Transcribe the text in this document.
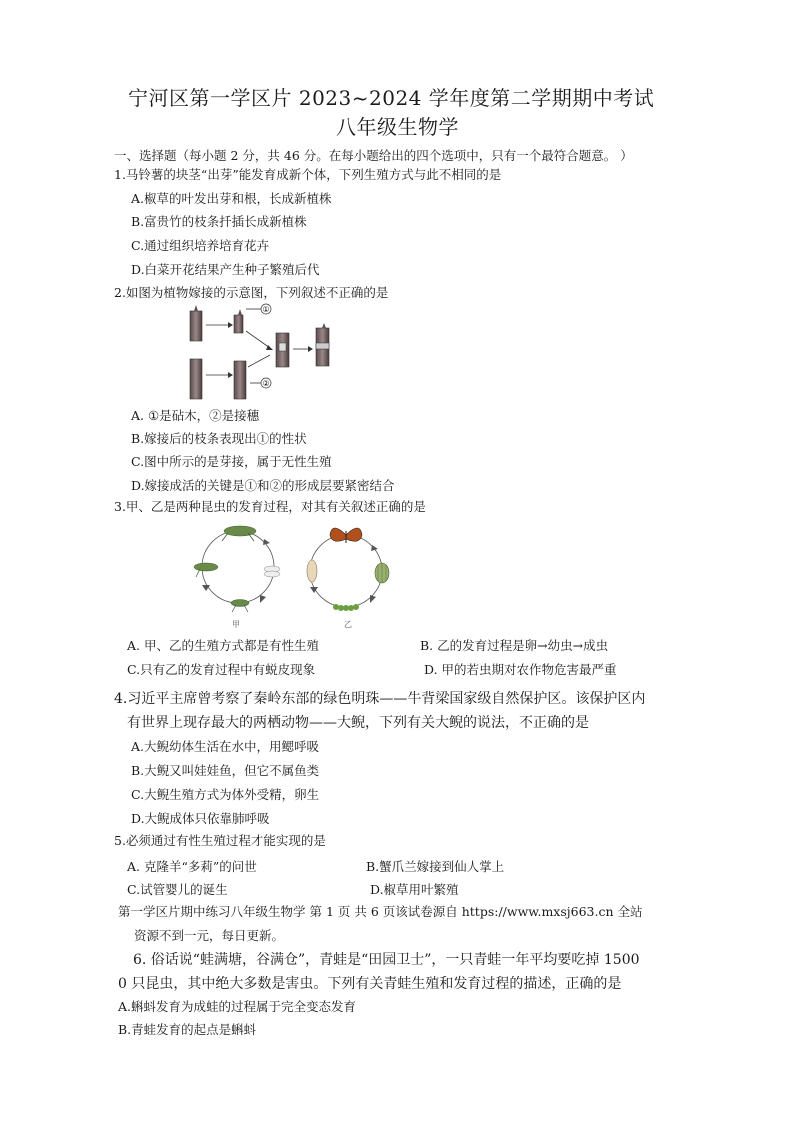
宁河区第一学区片 2023~2024 学年度第二学期期中考试
八年级生物学
一、选择题（每小题 2 分，共 46 分。在每小题给出的四个选项中，只有一个最符合题意。 ）
1.马铃薯的块茎“出芽”能发育成新个体，下列生殖方式与此不相同的是
A.椒草的叶发出芽和根，长成新植株
B.富贵竹的枝条扦插长成新植株
C.通过组织培养培育花卉
D.白菜开花结果产生种子繁殖后代
2.如图为植物嫁接的示意图，下列叙述不正确的是
①
②
A. ①是砧木，②是接穗
B.嫁接后的枝条表现出①的性状
C.图中所示的是芽接，属于无性生殖
D.嫁接成活的关键是①和②的形成层要紧密结合
3.甲、乙是两种昆虫的发育过程，对其有关叙述正确的是
甲	乙
A. 甲、乙的生殖方式都是有性生殖	B. 乙的发育过程是卵→幼虫→成虫
C.只有乙的发育过程中有蜕皮现象	D. 甲的若虫期对农作物危害最严重
4.习近平主席曾考察了秦岭东部的绿色明珠——牛背梁国家级自然保护区。该保护区内
有世界上现存最大的两栖动物——大鲵，下列有关大鲵的说法，不正确的是
A.大鲵幼体生活在水中，用鳃呼吸
B.大鲵又叫娃娃鱼，但它不属鱼类
C.大鲵生殖方式为体外受精，卵生
D.大鲵成体只依靠肺呼吸
5.必须通过有性生殖过程才能实现的是
A. 克隆羊“多莉”的问世	B.蟹爪兰嫁接到仙人掌上
C.试管婴儿的诞生	D.椒草用叶繁殖
第一学区片期中练习八年级生物学 第 1 页 共 6 页该试卷源自 https://www.mxsj663.cn 全站
资源不到一元，每日更新。
6. 俗话说“蛙满塘，谷满仓”，青蛙是“田园卫士”，一只青蛙一年平均要吃掉 1500
0 只昆虫，其中绝大多数是害虫。下列有关青蛙生殖和发育过程的描述，正确的是
A.蝌蚪发育为成蛙的过程属于完全变态发育
B.青蛙发育的起点是蝌蚪
